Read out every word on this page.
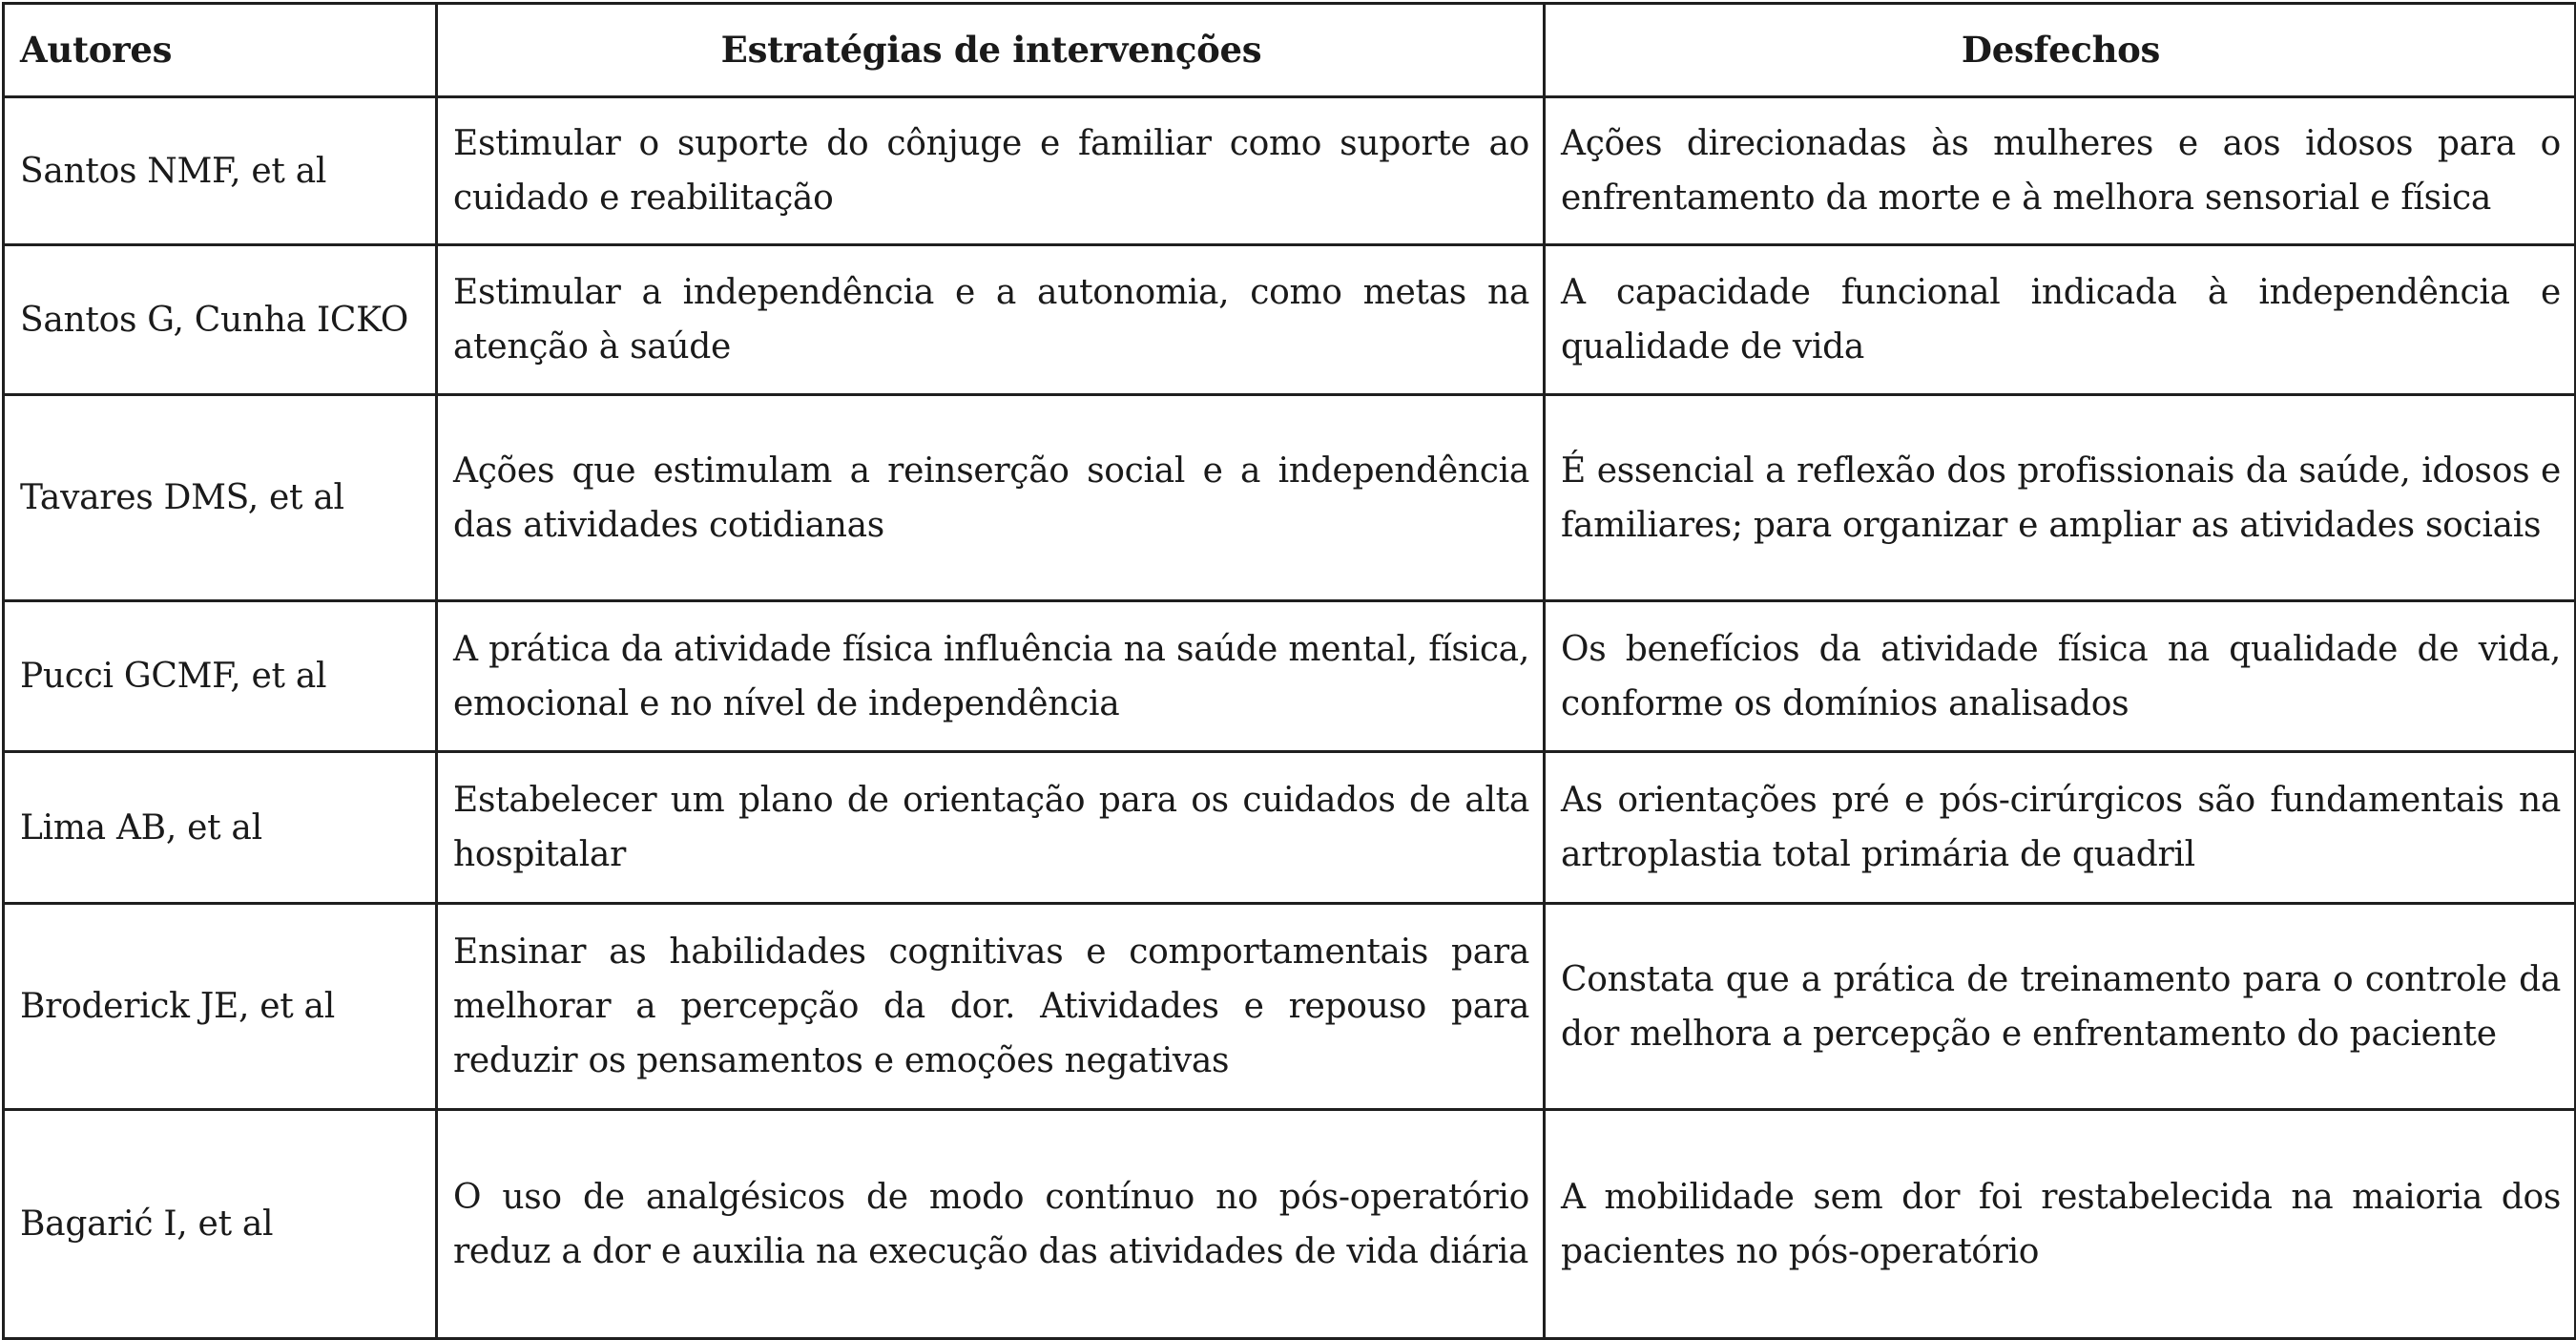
Autores	Estratégias de intervenções	Desfechos
Santos NMF, et al	Estimular o suporte do cônjuge e familiar como suporte ao cuidado e reabilitação	Ações direcionadas às mulheres e aos idosos para o enfrentamento da morte e à melhora sensorial e física
Santos G, Cunha ICKO	Estimular a independência e a autonomia, como metas na atenção à saúde	A capacidade funcional indicada à independência e qualidade de vida
Tavares DMS, et al	Ações que estimulam a reinserção social e a independência das atividades cotidianas	É essencial a reflexão dos profissionais da saúde, idosos e familiares; para organizar e ampliar as atividades sociais
Pucci GCMF, et al	A prática da atividade física influência na saúde mental, física, emocional e no nível de independência	Os benefícios da atividade física na qualidade de vida, conforme os domínios analisados
Lima AB, et al	Estabelecer um plano de orientação para os cuidados de alta hospitalar	As orientações pré e pós-cirúrgicos são fundamentais na artroplastia total primária de quadril
Broderick JE, et al	Ensinar as habilidades cognitivas e comportamentais para melhorar a percepção da dor. Atividades e repouso para reduzir os pensamentos e emoções negativas	Constata que a prática de treinamento para o controle da dor melhora a percepção e enfrentamento do paciente
Bagarić I, et al	O uso de analgésicos de modo contínuo no pós-operatório reduz a dor e auxilia na execução das atividades de vida diária	A mobilidade sem dor foi restabelecida na maioria dos pacientes no pós-operatório
